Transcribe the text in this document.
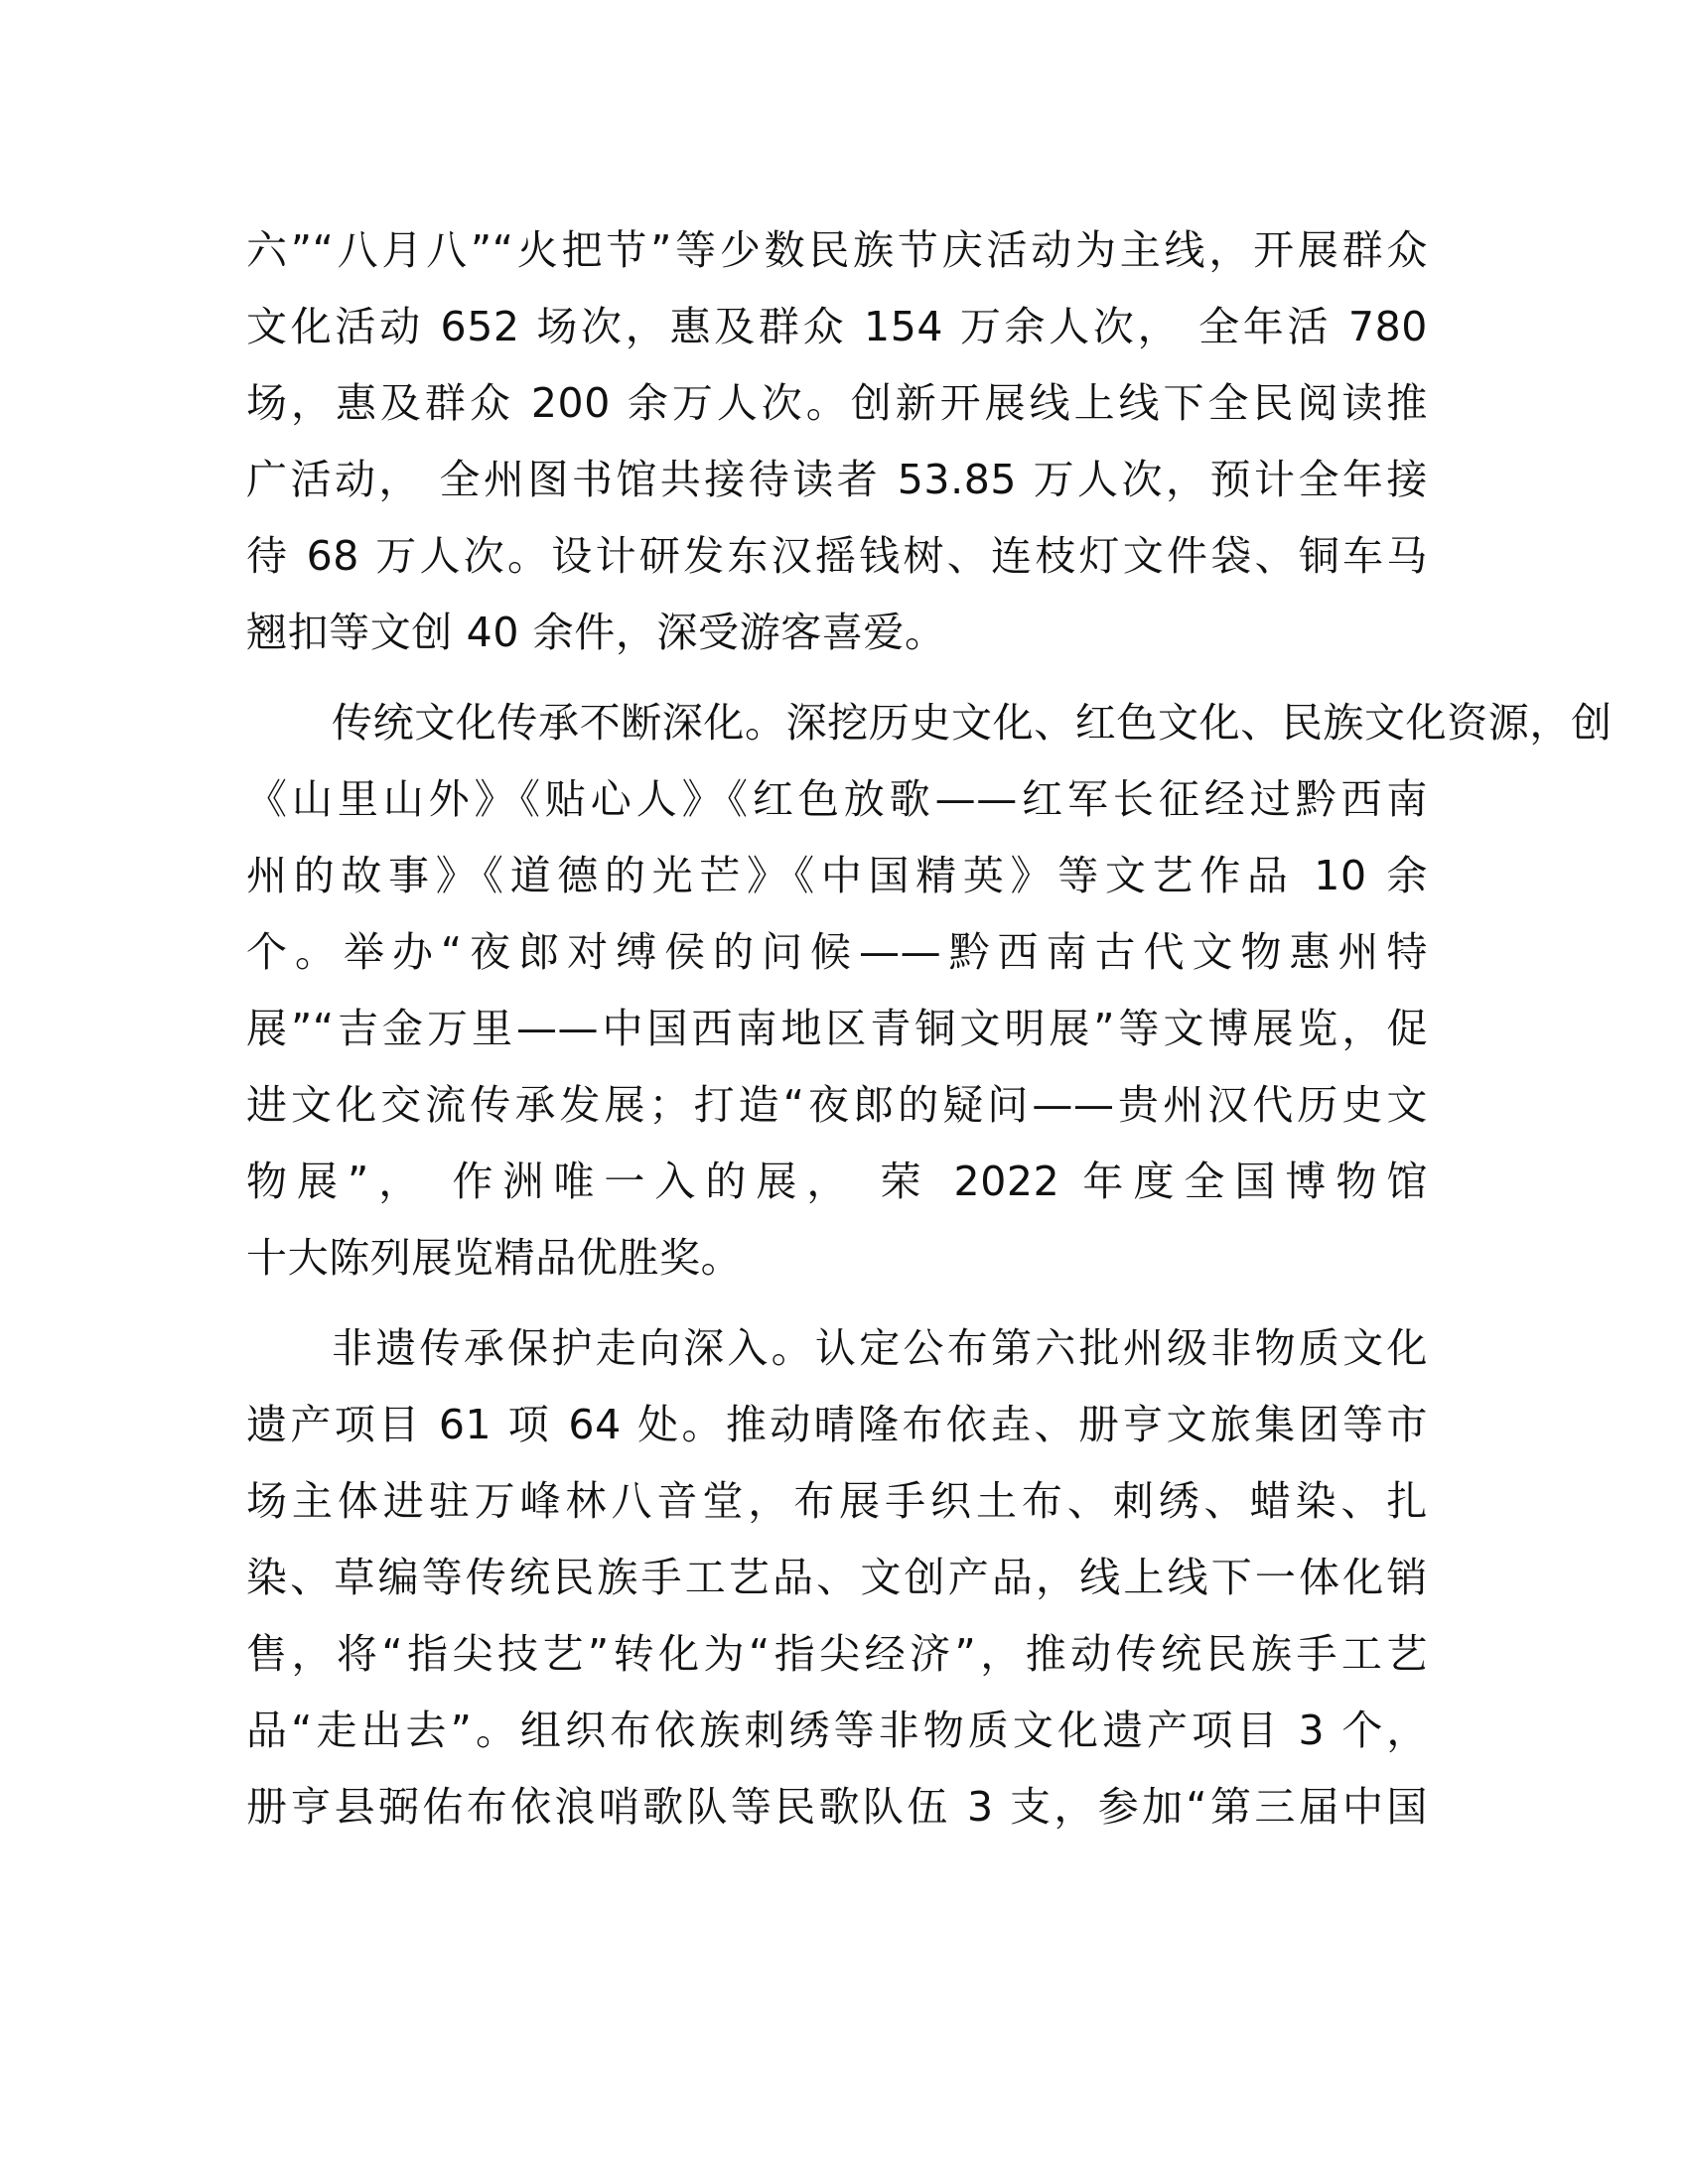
六”“八月八”“火把节”等少数民族节庆活动为主线，开展群众
文化活动 652 场次，惠及群众 154 万余人次， 全年活 780
场，惠及群众 200 余万人次。创新开展线上线下全民阅读推
广活动， 全州图书馆共接待读者 53.85 万人次，预计全年接
待 68 万人次。设计研发东汉摇钱树、连枝灯文件袋、铜车马
翘扣等文创 40 余件，深受游客喜爱。
传统文化传承不断深化。深挖历史文化、红色文化、民族文化资源，创
《山里山外》《贴心人》《红色放歌——红军长征经过黔西南
州的故事》《道德的光芒》《中国精英》等文艺作品 10 余
个。举办“夜郎对缚侯的问候——黔西南古代文物惠州特
展”“吉金万里——中国西南地区青铜文明展”等文博展览，促
进文化交流传承发展；打造“夜郎的疑问——贵州汉代历史文
物展”， 作洲唯一入的展， 荣 2022 年度全国博物馆
十大陈列展览精品优胜奖。
非遗传承保护走向深入。认定公布第六批州级非物质文化
遗产项目 61 项 64 处。推动晴隆布依垚、册亨文旅集团等市
场主体进驻万峰林八音堂，布展手织土布、刺绣、蜡染、扎
染、草编等传统民族手工艺品、文创产品，线上线下一体化销
售，将“指尖技艺”转化为“指尖经济”，推动传统民族手工艺
品“走出去”。组织布依族刺绣等非物质文化遗产项目 3 个，
册亨县弼佑布依浪哨歌队等民歌队伍 3 支，参加“第三届中国
